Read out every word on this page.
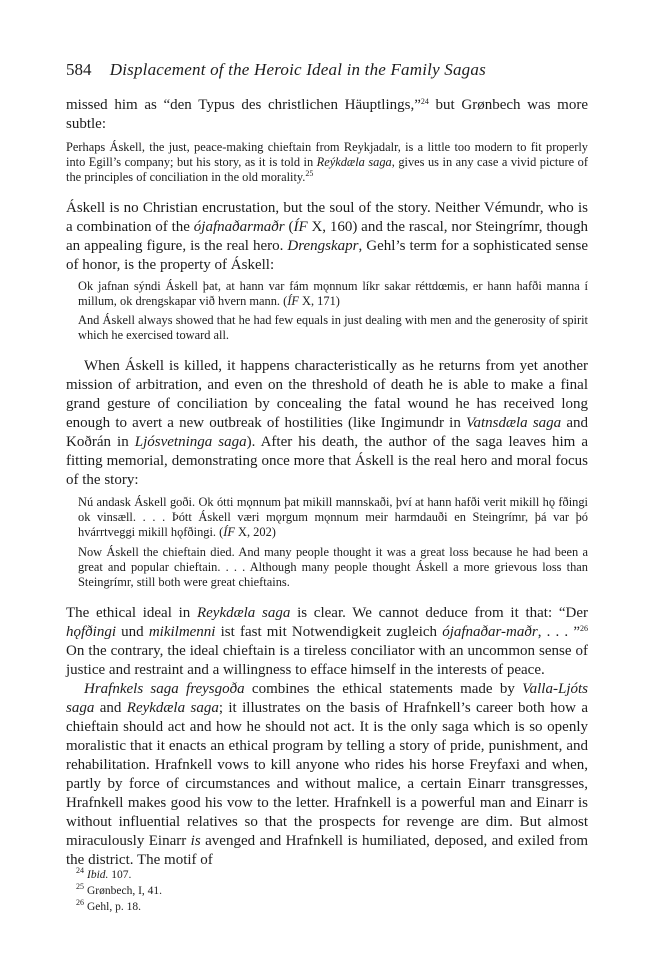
584 Displacement of the Heroic Ideal in the Family Sagas

missed him as “den Typus des christlichen Häuptlings,”$^{24}$ but Grønbech was more subtle:

Perhaps Áskell, the just, peace-making chieftain from Reykjadalr, is a little too modern to fit properly into Egill’s company; but his story, as it is told in Reýkdæla saga, gives us in any case a vivid picture of the principles of conciliation in the old morality.$^{25}$

Áskell is no Christian encrustation, but the soul of the story. Neither Vémundr, who is a combination of the ójafnaðarmaðr (ÍF X, 160) and the rascal, nor Steingrímr, though an appealing figure, is the real hero. Drengskapr, Gehl’s term for a sophisticated sense of honor, is the property of Áskell:

Ok jafnan sýndi Áskell þat, at hann var fám mǫnnum líkr sakar réttdœmis, er hann hafði manna í millum, ok drengskapar við hvern mann. (ÍF X, 171)

And Áskell always showed that he had few equals in just dealing with men and the generosity of spirit which he exercised toward all.

When Áskell is killed, it happens characteristically as he returns from yet another mission of arbitration, and even on the threshold of death he is able to make a final grand gesture of conciliation by concealing the fatal wound he has received long enough to avert a new outbreak of hostilities (like Ingimundr in Vatnsdæla saga and Koðrán in Ljósvetninga saga). After his death, the author of the saga leaves him a fitting memorial, demonstrating once more that Áskell is the real hero and moral focus of the story:

Nú andask Áskell goði. Ok ótti mǫnnum þat mikill mannskaði, því at hann hafði verit mikill hǫ fðingi ok vinsæll. . . . Þótt Áskell væri mǫrgum mǫnnum meir harmdauði en Steingrímr, þá var þó hvárrtveggi mikill hǫfðingi. (ÍF X, 202)

Now Áskell the chieftain died. And many people thought it was a great loss because he had been a great and popular chieftain. . . . Although many people thought Áskell a more grievous loss than Steingrímr, still both were great chieftains.

The ethical ideal in Reykdæla saga is clear. We cannot deduce from it that: “Der hǫfðingi und mikilmenni ist fast mit Notwendigkeit zugleich ójafnaðar-maðr, . . . ”$^{26}$ On the contrary, the ideal chieftain is a tireless conciliator with an uncommon sense of justice and restraint and a willingness to efface himself in the interests of peace.

Hrafnkels saga freysgoða combines the ethical statements made by Valla-Ljóts saga and Reykdæla saga; it illustrates on the basis of Hrafnkell’s career both how a chieftain should act and how he should not act. It is the only saga which is so openly moralistic that it enacts an ethical program by telling a story of pride, punishment, and rehabilitation. Hrafnkell vows to kill anyone who rides his horse Freyfaxi and when, partly by force of circumstances and without malice, a certain Einarr transgresses, Hrafnkell makes good his vow to the letter. Hrafnkell is a powerful man and Einarr is without influential relatives so that the prospects for revenge are dim. But almost miraculously Einarr is avenged and Hrafnkell is humiliated, deposed, and exiled from the district. The motif of

$^{24}$ Ibid. 107.
$^{25}$ Grønbech, I, 41.
$^{26}$ Gehl, p. 18.
